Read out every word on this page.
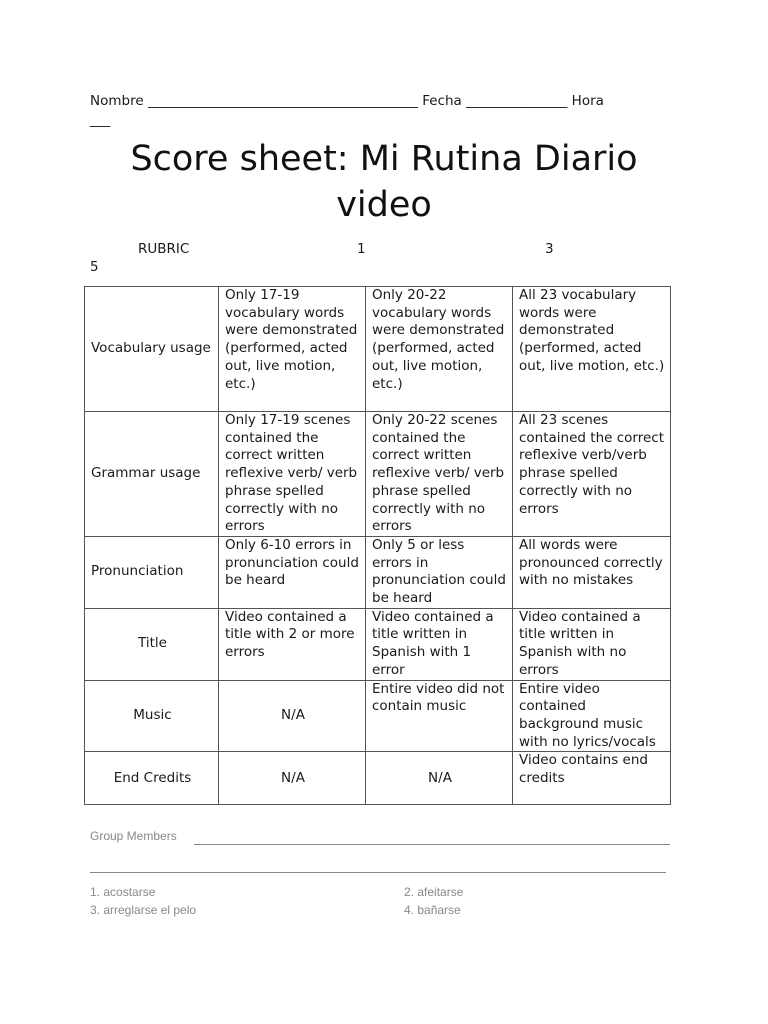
Nombre ________________________________________ Fecha _______________ Hora
___
Score sheet: Mi Rutina Diario video
RUBRIC	1	3
5
Vocabulary usage	Only 17-19 vocabulary words were demonstrated (performed, acted out, live motion, etc.)	Only 20-22 vocabulary words were demonstrated (performed, acted out, live motion, etc.)	All 23 vocabulary words were demonstrated (performed, acted out, live motion, etc.)
Grammar usage	Only 17-19 scenes contained the correct written reflexive verb/ verb phrase spelled correctly with no errors	Only 20-22 scenes contained the correct written reflexive verb/ verb phrase spelled correctly with no errors	All 23 scenes contained the correct reflexive verb/verb phrase spelled correctly with no errors
Pronunciation	Only 6-10 errors in pronunciation could be heard	Only 5 or less errors in pronunciation could be heard	All words were pronounced correctly with no mistakes
Title	Video contained a title with 2 or more errors	Video contained a title written in Spanish with 1 error	Video contained a title written in Spanish with no errors
Music	N/A	Entire video did not contain music	Entire video contained background music with no lyrics/vocals
End Credits	N/A	N/A	Video contains end credits
Group Members
1. acostarse	2. afeitarse
3. arreglarse el pelo	4. bañarse
